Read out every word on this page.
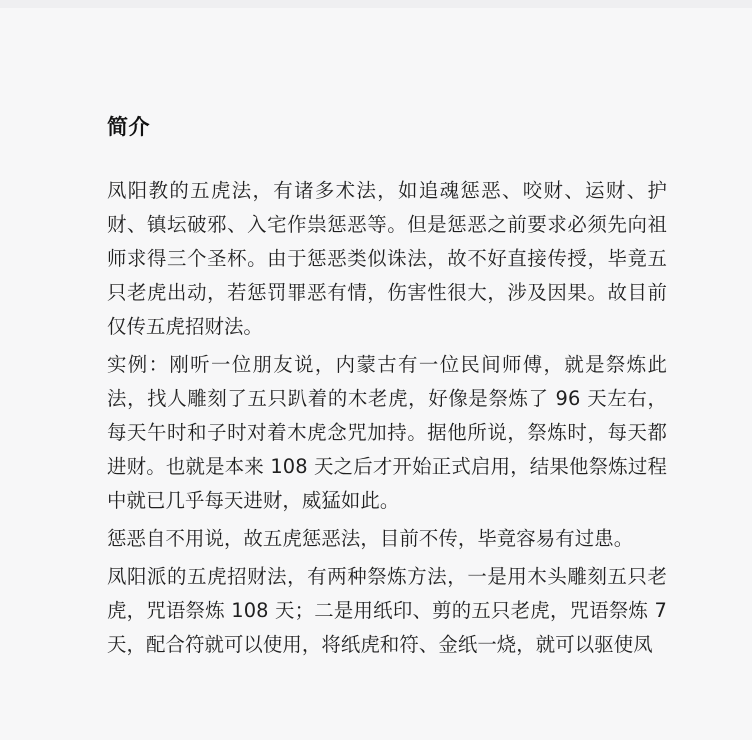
简介

凤阳教的五虎法，有诸多术法，如追魂惩恶、咬财、运财、护财、镇坛破邪、入宅作祟惩恶等。但是惩恶之前要求必须先向祖师求得三个圣杯。由于惩恶类似诛法，故不好直接传授，毕竟五只老虎出动，若惩罚罪恶有情，伤害性很大，涉及因果。故目前仅传五虎招财法。

实例：刚听一位朋友说，内蒙古有一位民间师傅，就是祭炼此法，找人雕刻了五只趴着的木老虎，好像是祭炼了 96 天左右，每天午时和子时对着木虎念咒加持。据他所说，祭炼时，每天都进财。也就是本来 108 天之后才开始正式启用，结果他祭炼过程中就已几乎每天进财，威猛如此。

惩恶自不用说，故五虎惩恶法，目前不传，毕竟容易有过患。

凤阳派的五虎招财法，有两种祭炼方法，一是用木头雕刻五只老虎，咒语祭炼 108 天；二是用纸印、剪的五只老虎，咒语祭炼 7 天，配合符就可以使用，将纸虎和符、金纸一烧，就可以驱使凤
